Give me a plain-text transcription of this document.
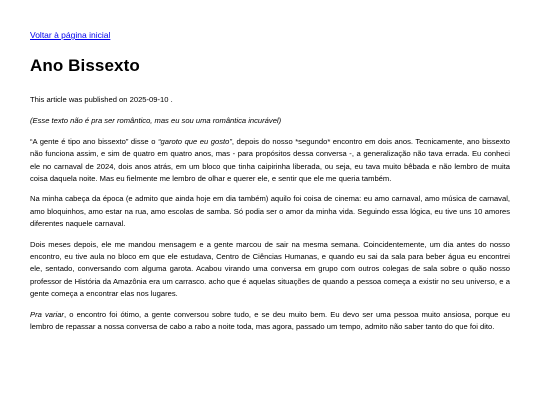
Voltar à página inicial
Ano Bissexto

This article was published on 2025-09-10 .

(Esse texto não é pra ser romântico, mas eu sou uma romântica incurável)

“A gente é tipo ano bissexto” disse o “garoto que eu gosto”, depois do nosso *segundo* encontro em dois anos. Tecnicamente, ano bissexto não funciona assim, e sim de quatro em quatro anos, mas - para propósitos dessa conversa -, a generalização não tava errada. Eu conheci ele no carnaval de 2024, dois anos atrás, em um bloco que tinha caipirinha liberada, ou seja, eu tava muito bêbada e não lembro de muita coisa daquela noite. Mas eu fielmente me lembro de olhar e querer ele, e sentir que ele me queria também.

Na minha cabeça da época (e admito que ainda hoje em dia também) aquilo foi coisa de cinema: eu amo carnaval, amo música de carnaval, amo bloquinhos, amo estar na rua, amo escolas de samba. Só podia ser o amor da minha vida. Seguindo essa lógica, eu tive uns 10 amores diferentes naquele carnaval.

Dois meses depois, ele me mandou mensagem e a gente marcou de sair na mesma semana. Coincidentemente, um dia antes do nosso encontro, eu tive aula no bloco em que ele estudava, Centro de Ciências Humanas, e quando eu sai da sala para beber água eu encontrei ele, sentado, conversando com alguma garota. Acabou virando uma conversa em grupo com outros colegas de sala sobre o quão nosso professor de História da Amazônia era um carrasco. acho que é aquelas situações de quando a pessoa começa a existir no seu universo, e a gente começa a encontrar elas nos lugares.

Pra variar, o encontro foi ótimo, a gente conversou sobre tudo, e se deu muito bem. Eu devo ser uma pessoa muito ansiosa, porque eu lembro de repassar a nossa conversa de cabo a rabo a noite toda, mas agora, passado um tempo, admito não saber tanto do que foi dito.
